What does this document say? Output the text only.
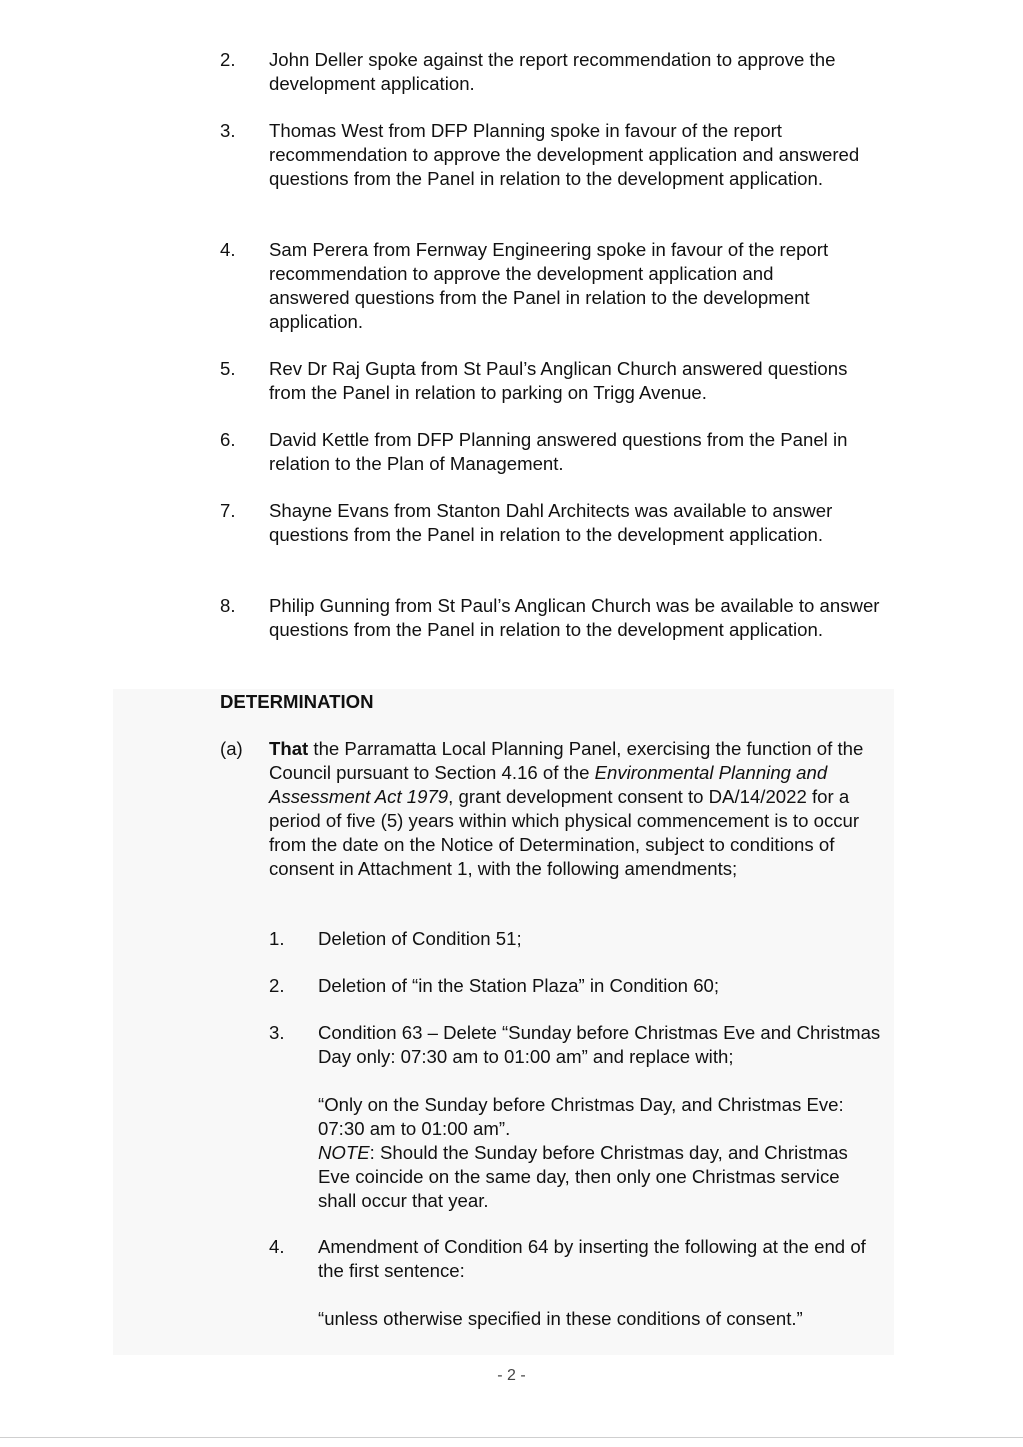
2. John Deller spoke against the report recommendation to approve the development application.
3. Thomas West from DFP Planning spoke in favour of the report recommendation to approve the development application and answered questions from the Panel in relation to the development application.
4. Sam Perera from Fernway Engineering spoke in favour of the report recommendation to approve the development application and answered questions from the Panel in relation to the development application.
5. Rev Dr Raj Gupta from St Paul’s Anglican Church answered questions from the Panel in relation to parking on Trigg Avenue.
6. David Kettle from DFP Planning answered questions from the Panel in relation to the Plan of Management.
7. Shayne Evans from Stanton Dahl Architects was available to answer questions from the Panel in relation to the development application.
8. Philip Gunning from St Paul’s Anglican Church was be available to answer questions from the Panel in relation to the development application.
DETERMINATION
(a) That the Parramatta Local Planning Panel, exercising the function of the Council pursuant to Section 4.16 of the Environmental Planning and Assessment Act 1979, grant development consent to DA/14/2022 for a period of five (5) years within which physical commencement is to occur from the date on the Notice of Determination, subject to conditions of consent in Attachment 1, with the following amendments;
1. Deletion of Condition 51;
2. Deletion of “in the Station Plaza” in Condition 60;
3. Condition 63 – Delete “Sunday before Christmas Eve and Christmas Day only: 07:30 am to 01:00 am” and replace with;
“Only on the Sunday before Christmas Day, and Christmas Eve: 07:30 am to 01:00 am”.
NOTE: Should the Sunday before Christmas day, and Christmas Eve coincide on the same day, then only one Christmas service shall occur that year.
4. Amendment of Condition 64 by inserting the following at the end of the first sentence:
“unless otherwise specified in these conditions of consent.”
- 2 -
